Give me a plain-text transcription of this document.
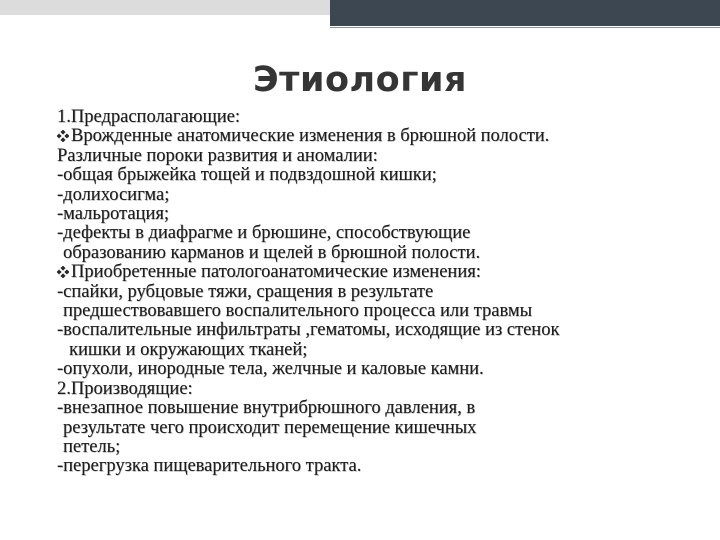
Этиология
1.Предрасполагающие:
Врожденные анатомические изменения в брюшной полости.
Различные пороки развития и аномалии:
-общая брыжейка тощей и подвздошной кишки;
-долихосигма;
-мальротация;
-дефекты в диафрагме и брюшине, способствующие
образованию карманов и щелей в брюшной полости.
Приобретенные патологоанатомические изменения:
-спайки, рубцовые тяжи, сращения в результате
предшествовавшего воспалительного процесса или травмы
-воспалительные инфильтраты ,гематомы, исходящие из стенок
кишки и окружающих тканей;
-опухоли, инородные тела, желчные и каловые камни.
2.Производящие:
-внезапное повышение внутрибрюшного давления, в
результате чего происходит перемещение кишечных
петель;
-перегрузка пищеварительного тракта.
